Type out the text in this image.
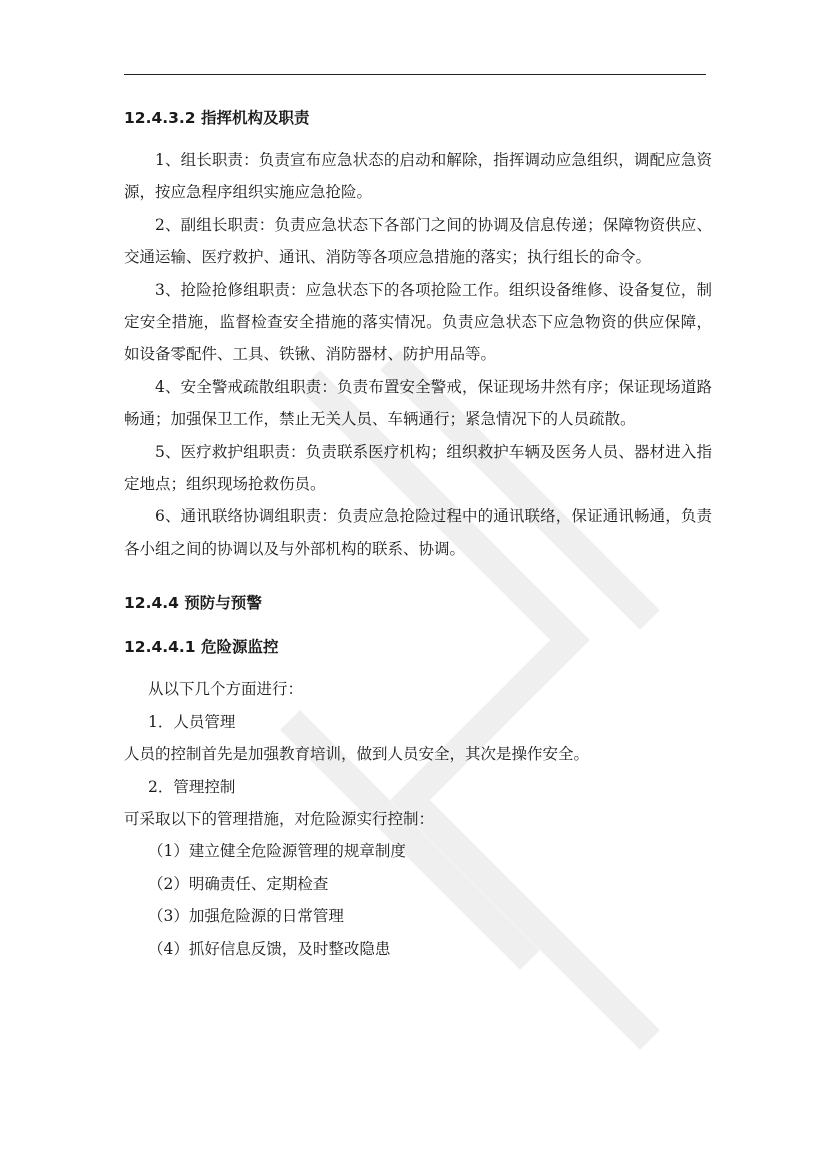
12.4.3.2 指挥机构及职责

1、组长职责：负责宣布应急状态的启动和解除，指挥调动应急组织，调配应急资源，按应急程序组织实施应急抢险。

2、副组长职责：负责应急状态下各部门之间的协调及信息传递；保障物资供应、交通运输、医疗救护、通讯、消防等各项应急措施的落实；执行组长的命令。

3、抢险抢修组职责：应急状态下的各项抢险工作。组织设备维修、设备复位，制定安全措施，监督检查安全措施的落实情况。负责应急状态下应急物资的供应保障，如设备零配件、工具、铁锹、消防器材、防护用品等。

4、安全警戒疏散组职责：负责布置安全警戒，保证现场井然有序；保证现场道路畅通；加强保卫工作，禁止无关人员、车辆通行；紧急情况下的人员疏散。

5、医疗救护组职责：负责联系医疗机构；组织救护车辆及医务人员、器材进入指定地点；组织现场抢救伤员。

6、通讯联络协调组职责：负责应急抢险过程中的通讯联络，保证通讯畅通，负责各小组之间的协调以及与外部机构的联系、协调。

12.4.4 预防与预警
12.4.4.1 危险源监控

从以下几个方面进行：

1．人员管理

人员的控制首先是加强教育培训，做到人员安全，其次是操作安全。

2．管理控制

可采取以下的管理措施，对危险源实行控制：

（1）建立健全危险源管理的规章制度

（2）明确责任、定期检查

（3）加强危险源的日常管理

（4）抓好信息反馈，及时整改隐患
